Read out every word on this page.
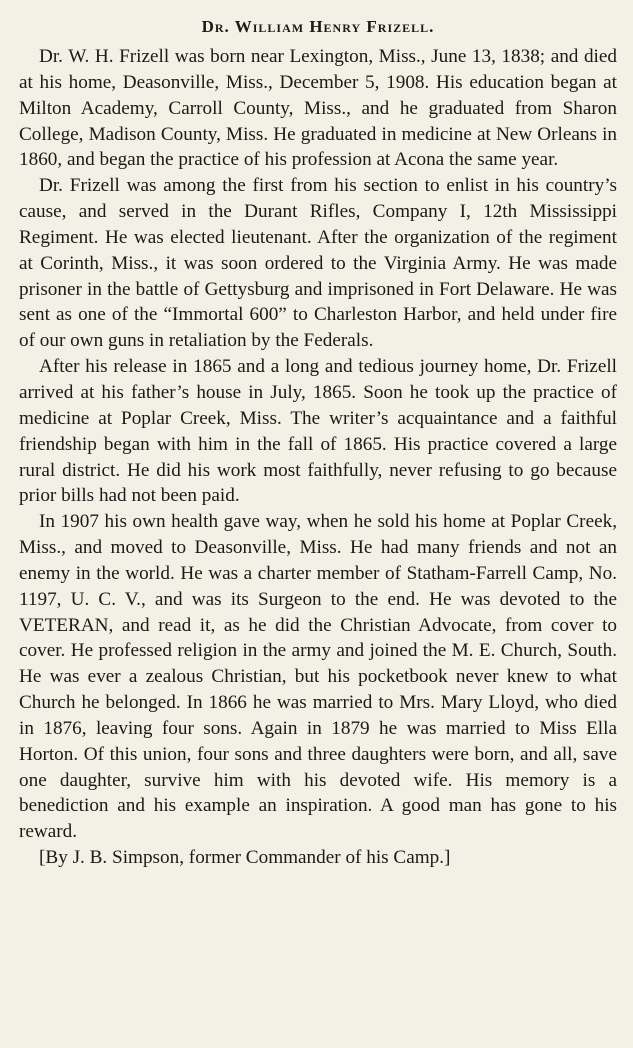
Dr. William Henry Frizell.

Dr. W. H. Frizell was born near Lexington, Miss., June 13, 1838; and died at his home, Deasonville, Miss., December 5, 1908. His education began at Milton Academy, Carroll County, Miss., and he graduated from Sharon College, Madison County, Miss. He graduated in medicine at New Orleans in 1860, and began the practice of his profession at Acona the same year.

Dr. Frizell was among the first from his section to enlist in his country’s cause, and served in the Durant Rifles, Company I, 12th Mississippi Regiment. He was elected lieutenant. After the organization of the regiment at Corinth, Miss., it was soon ordered to the Virginia Army. He was made prisoner in the battle of Gettysburg and imprisoned in Fort Delaware. He was sent as one of the “Immortal 600” to Charleston Harbor, and held under fire of our own guns in retaliation by the Federals.

After his release in 1865 and a long and tedious journey home, Dr. Frizell arrived at his father’s house in July, 1865. Soon he took up the practice of medicine at Poplar Creek, Miss. The writer’s acquaintance and a faithful friendship began with him in the fall of 1865. His practice covered a large rural district. He did his work most faithfully, never refusing to go because prior bills had not been paid.

In 1907 his own health gave way, when he sold his home at Poplar Creek, Miss., and moved to Deasonville, Miss. He had many friends and not an enemy in the world. He was a charter member of Statham-Farrell Camp, No. 1197, U. C. V., and was its Surgeon to the end. He was devoted to the VETERAN, and read it, as he did the Christian Advocate, from cover to cover. He professed religion in the army and joined the M. E. Church, South. He was ever a zealous Christian, but his pocketbook never knew to what Church he belonged. In 1866 he was married to Mrs. Mary Lloyd, who died in 1876, leaving four sons. Again in 1879 he was married to Miss Ella Horton. Of this union, four sons and three daughters were born, and all, save one daughter, survive him with his devoted wife. His memory is a benediction and his example an inspiration. A good man has gone to his reward.

[By J. B. Simpson, former Commander of his Camp.]
